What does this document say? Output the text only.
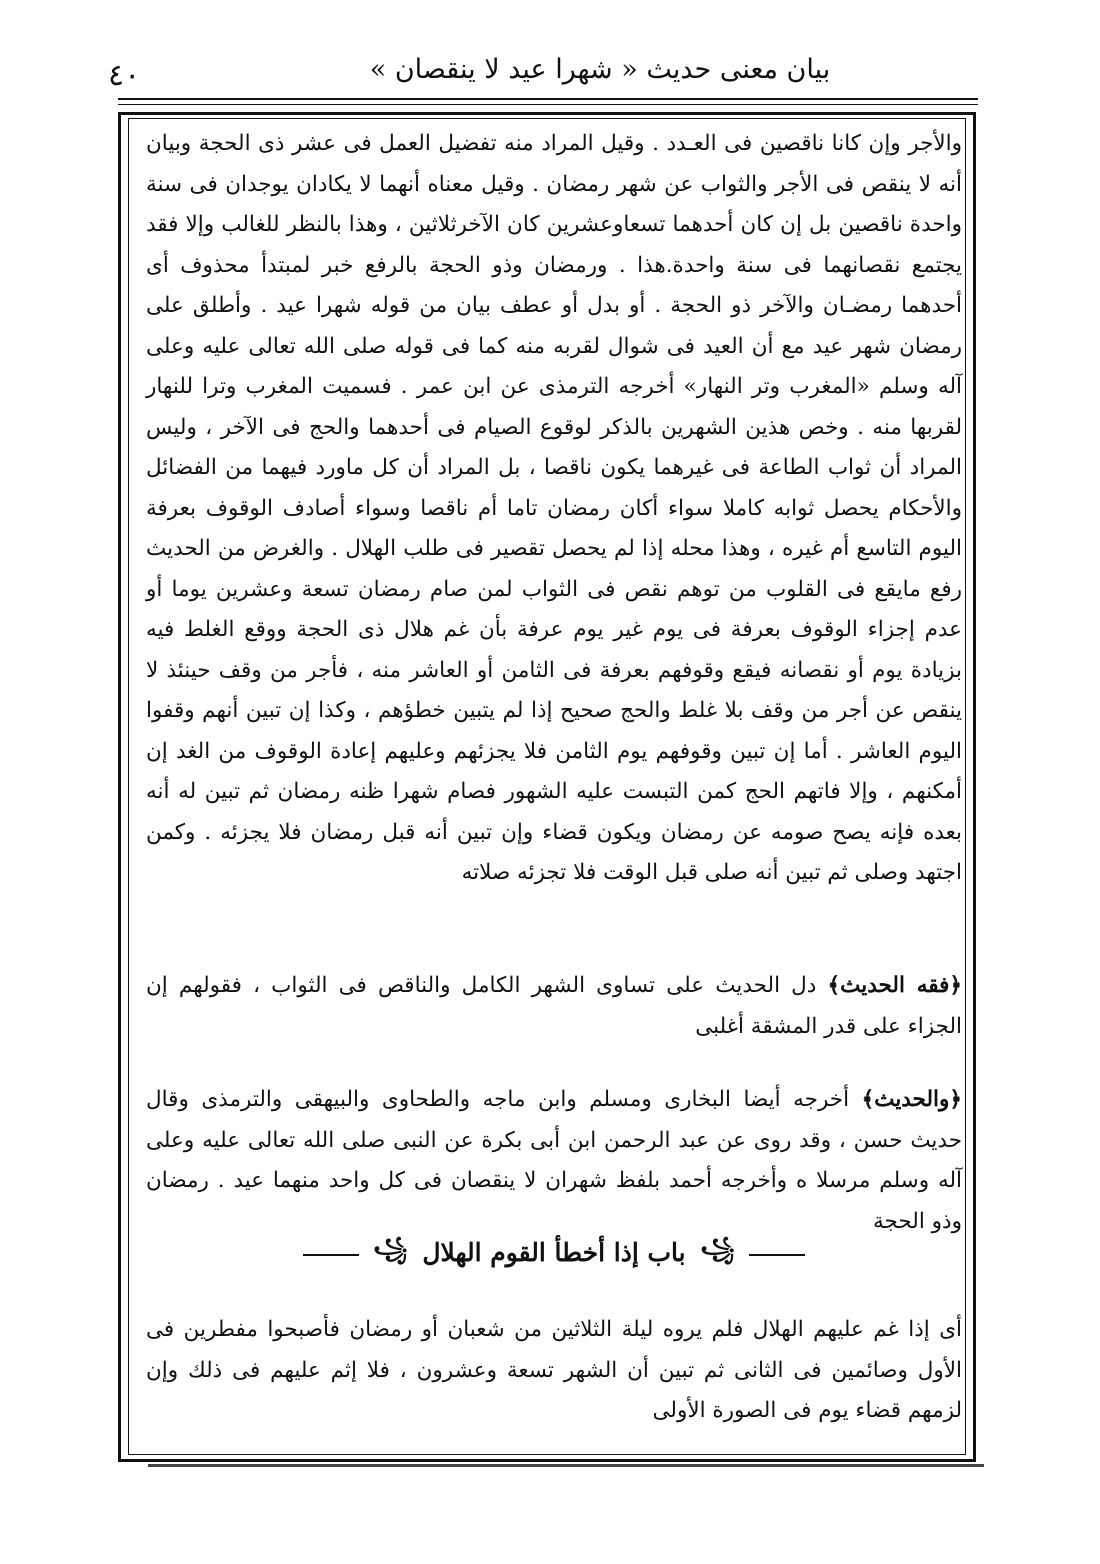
٤٠	بيان معنى حديث « شهرا عيد لا ينقصان »

والأجر وإن كانا ناقصين فى العـدد . وقيل المراد منه تفضيل العمل فى عشر ذى الحجة وبيان أنه لا ينقص فى الأجر والثواب عن شهر رمضان . وقيل معناه أنهما لا يكادان يوجدان فى سنة واحدة ناقصين بل إن كان أحدهما تسعاوعشرين كان الآخرثلاثين ، وهذا بالنظر للغالب وإلا فقد يجتمع نقصانهما فى سنة واحدة.هذا . ورمضان وذو الحجة بالرفع خبر لمبتدأ محذوف أى أحدهما رمضـان والآخر ذو الحجة . أو بدل أو عطف بيان من قوله شهرا عيد . وأطلق على رمضان شهر عيد مع أن العيد فى شوال لقربه منه كما فى قوله صلى الله تعالى عليه وعلى آله وسلم «المغرب وتر النهار» أخرجه الترمذى عن ابن عمر . فسميت المغرب وترا للنهار لقربها منه . وخص هذين الشهرين بالذكر لوقوع الصيام فى أحدهما والحج فى الآخر ، وليس المراد أن ثواب الطاعة فى غيرهما يكون ناقصا ، بل المراد أن كل ماورد فيهما من الفضائل والأحكام يحصل ثوابه كاملا سواء أكان رمضان تاما أم ناقصا وسواء أصادف الوقوف بعرفة اليوم التاسع أم غيره ، وهذا محله إذا لم يحصل تقصير فى طلب الهلال . والغرض من الحديث رفع مايقع فى القلوب من توهم نقص فى الثواب لمن صام رمضان تسعة وعشرين يوما أو عدم إجزاء الوقوف بعرفة فى يوم غير يوم عرفة بأن غم هلال ذى الحجة ووقع الغلط فيه بزيادة يوم أو نقصانه فيقع وقوفهم بعرفة فى الثامن أو العاشر منه ، فأجر من وقف حينئذ لا ينقص عن أجر من وقف بلا غلط والحج صحيح إذا لم يتبين خطؤهم ، وكذا إن تبين أنهم وقفوا اليوم العاشر . أما إن تبين وقوفهم يوم الثامن فلا يجزئهم وعليهم إعادة الوقوف من الغد إن أمكنهم ، وإلا فاتهم الحج كمن التبست عليه الشهور فصام شهرا ظنه رمضان ثم تبين له أنه بعده فإنه يصح صومه عن رمضان ويكون قضاء وإن تبين أنه قبل رمضان فلا يجزئه . وكمن اجتهد وصلى ثم تبين أنه صلى قبل الوقت فلا تجزئه صلاته

﴿فقه الحديث﴾ دل الحديث على تساوى الشهر الكامل والناقص فى الثواب ، فقولهم إن الجزاء على قدر المشقة أغلبى

﴿والحديث﴾ أخرجه أيضا البخارى ومسلم وابن ماجه والطحاوى والبيهقى والترمذى وقال حديث حسن ، وقد روى عن عبد الرحمن ابن أبى بكرة عن النبى صلى الله تعالى عليه وعلى آله وسلم مرسلا ه وأخرجه أحمد بلفظ شهران لا ينقصان فى كل واحد منهما عيد . رمضان وذو الحجة

꧁ باب إذا أخطأ القوم الهلال ꧁

أى إذا غم عليهم الهلال فلم يروه ليلة الثلاثين من شعبان أو رمضان فأصبحوا مفطرين فى الأول وصائمين فى الثانى ثم تبين أن الشهر تسعة وعشرون ، فلا إثم عليهم فى ذلك وإن لزمهم قضاء يوم فى الصورة الأولى
